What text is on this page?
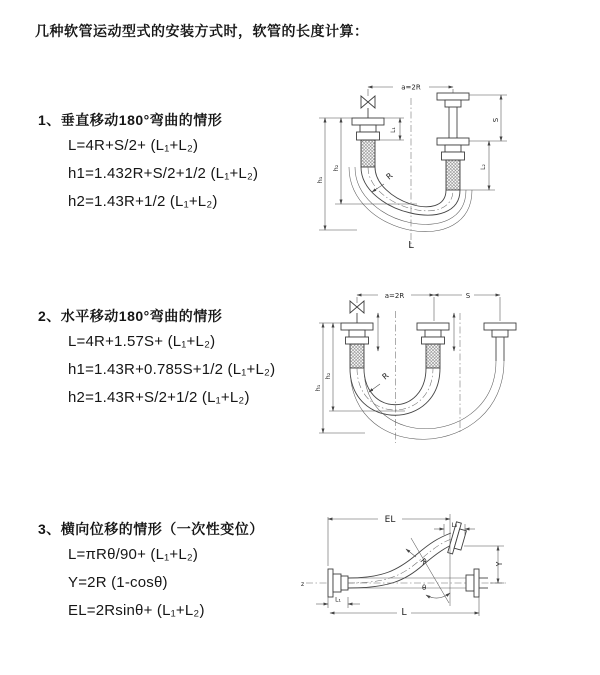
几种软管运动型式的安装方式时，软管的长度计算：
1、垂直移动180°弯曲的情形
L=4R+S/2+ (L₁+L₂)
h1=1.432R+S/2+1/2 (L₁+L₂)
h2=1.43R+1/2 (L₁+L₂)
a=2R
R
h₁
h₂
L₁
S
L₂
L
2、水平移动180°弯曲的情形
L=4R+1.57S+ (L₁+L₂)
h1=1.43R+0.785S+1/2 (L₁+L₂)
h2=1.43R+S/2+1/2 (L₁+L₂)
a=2R	S
R
h₁
h₂
3、横向位移的情形（一次性变位）
L=πRθ/90+ (L₁+L₂)
Y=2R (1-cosθ)
EL=2Rsinθ+ (L₁+L₂)
z
EL
L₂
Y
R
θ
L₁
L
